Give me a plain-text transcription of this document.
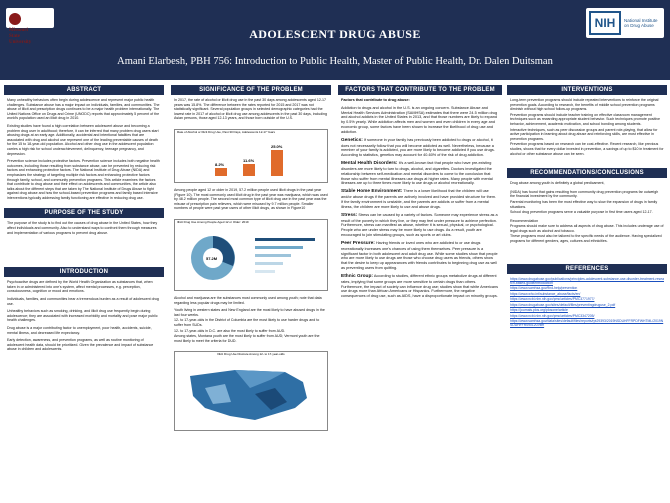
Missouri State University
ADOLESCENT DRUG ABUSE
Amani Elarbesh, PBH 756: Introduction to Public Health, Master of Public Health, Dr. Dalen Duitsman
NIH	National Institute on Drug Abuse
ABSTRACT

Many unhealthy behaviors often begin during adolescence and represent major public health challenges. Substance abuse has a major impact on individuals, families, and communities. The abuse of illicit and prescription drugs continues to be a major health problem internationally. The United Nations Office on Drugs and Crime (UNODC) reports that approximately 5 percent of the world's population used an illicit drug in 2010.

Existing studies have found a high correlation between adolescent abuse and becoming a problem drug user in adulthood; therefore, it can be inferred that many problem drug users start abusing drugs at an early age. Additionally, accidental and intentional fatalities that are associated with drug and alcohol use represent one of the leading preventable causes of death for the 15 to 18-year-old population. Alcohol and other drug use in the adolescent population carries a high risk for school underachievement, delinquency, teenage pregnancy, and depression.

Prevention science includes protective factors. Prevention science includes both negative health outcomes, including those resulting from substance abuse, can be prevented by reducing risk factors and enhancing protective factors. The National Institute of Drug Abuse (NIDA) and emphasizes the strategy of targeting multiple risk factors and enhancing protective factors through family, school, and community prevention programs. This article examines the factors that contribute to drug abuse and their effect on adolescents and communities, the article also talks about the different steps that are taken by The National Institute of Drugs Abuse to fight against drug abuse and how the school-based prevention programs and family based intensive interventions typically addressing family functioning are effective in reducing drug use.

PURPOSE OF THE STUDY

The purpose of the study is to find out the causes of drug abuse in the United States, how they affect individuals and community. Also to understand ways to confront them through measures and implementation of various programs to prevent drug abuse.

INTRODUCTION

Psychoactive drugs are defined by the World Health Organization as substances that, when taken in or administered into one's system, affect mental processes, e.g. perception, consciousness, cognition or mood and emotions.

Individuals, families, and communities bear a tremendous burden as a result of adolescent drug use.

Unhealthy behaviors such as smoking, drinking, and illicit drug use frequently begin during adolescence; they are associated with increased morbidity and mortality and pose major public health challenges.

Drug abuse is a major contributing factor to unemployment, poor health, accidents, suicide, mental illness, and decreased life expectancy.

Early detection, awareness, and prevention programs, as well as routine monitoring of adolescent health data, should be prioritized. Given the prevalence and impact of substance abuse in children and adolescents.

SIGNIFICANCE OF THE PROBLEM

In 2017, the rate of alcohol or illicit drug use in the past 30 days among adolescents aged 12-17 years was 15.8%. The difference between the rates reported for 2015 and 2017 was not statistically significant. Several population groups in selected demographic categories had the lowest rate in 2017 of alcohol or illicit drug use among adolescents in the past 30 days, including Asian persons, those aged 12-13 years, and those born outside of the U.S.

Rate of Alcohol or Illicit Drug Use, Past 30 Days, Adolescents 12-17 Years
8.2%
11.6%
25.0%

Among people aged 12 or older in 2019, 57.2 million people used illicit drugs in the past year (Figure 10). The most commonly used illicit drug in the past year was marijuana, which was used by 48.2 million people. The second most common type of illicit drug use in the past year was the misuse of prescription pain relievers, which were misused by 9.7 million people. Smaller numbers of people were past year users of other illicit drugs, as shown in Figure10

Illicit Drug Use Among People Aged 12 or Older: 2019
57.2M

Alcohol and marijuana are the substances most commonly used among youth; note that data regarding less popular drugs may be limited.

Youth living in western states and New England are the most likely to have abused drugs in the last four weeks.

12- to 17-year-olds in the District of Columbia are the most likely to use harder drugs and to suffer from SUDs.

12- to 17-year-olds in D.C. are also the most likely to suffer from AUD.

Among states, Montana youth are the most likely to suffer from AUD; Vermont youth are the most likely to meet the criteria for DUD.

Illicit Drug Use Discrete Among 12- to 17-year-olds
FACTORS THAT CONTRIBUTE TO THE PROBLEM

Factors that contribute to drug abuse:

Addiction to drugs and alcohol in the U.S. is an ongoing concern. Substance Abuse and Mental Health Services Administration (SAMHSA) estimates that there were 24.5 million drug and alcohol addicts in the United States in 2013, and that those numbers are likely to expand by 0.5% yearly. While addiction affects men and women and even children in every age and economic group, some factors have been shown to increase the likelihood of drug use and addiction.

Genetics: If someone in your family has previously been addicted to drugs or alcohol, it does not necessarily follow that you will become addicted as well. Nevertheless, because a member of your family is addicted, you are more likely to become addicted if you use drugs. According to statistics, genetics may account for 40-60% of the risk of drug addiction.

Mental Health Disorders: It's a well-known fact that people who have pre-existing disorders are more likely to turn to drugs, alcohol, and cigarettes. Doctors investigated the relationship between self-medication and mental disorders to come to the conclusion that those who suffer from mental illnesses use drugs at higher rates. Many people with mental illnesses are up to three times more likely to use drugs or alcohol recreationally.

Stable Home Environment: There is a lower likelihood that the children will use and/or abuse drugs if the parents are actively involved and have provided structure for them. If the family environment is unstable, and the parents are addicts or suffer from a mental illness, the children are more likely to use and abuse drugs.

Stress: Stress can be caused by a variety of factors. Someone may experience stress as a result of the poverty in which they live, or they may feel under pressure to achieve perfection. Furthermore, stress can manifest as abuse, whether it is sexual, physical, or psychological. People who are under stress may be more likely to use drugs. As a result, youth are encouraged to join stimulating groups, such as sports or art clubs.

Peer Pressure: Having friends or loved ones who are addicted to or use drugs recreationally increases one's chances of using them themselves. Peer pressure is a significant factor in both adolescent and adult drug use. While some studies show that people who are more likely to use drugs are those who choose drug users as friends, others show that the desire to keep up appearances with friends contributes to beginning drug use as well as preventing users from quitting.

Ethnic Group: According to studies, different ethnic groups metabolize drugs at different rates, implying that some groups are more sensitive to certain drugs than others. Furthermore, the impact of society can influence drug use; studies show that white Americans use drugs more than African Americans or Hispanics. Furthermore, the negative consequences of drug use, such as AIDS, have a disproportionate impact on minority groups.

INTERVENTIONS

Long-term prevention programs should include repeated interventions to reinforce the original prevention goals. According to research, the benefits of middle school prevention programs diminish without high school follow-up programs.

Prevention programs should include teacher training on effective classroom management techniques such as rewarding appropriate student behavior. Such techniques promote positive behavior, achievement, academic motivation, and school bonding among students.

Interactive techniques, such as peer discussion groups and parent role-playing, that allow for active participation in learning about drug abuse and reinforcing skills, are most effective in prevention programs.

Prevention programs based on research can be cost-effective. Recent research, like previous studies, shows that for every dollar invested in prevention, a savings of up to $10 in treatment for alcohol or other substance abuse can be seen.

RECOMMENDATIONS/CONCLUSIONS

Drug abuse among youth is definitely a global predicament,

(NIDA) has found that gains resulting from community drug prevention programs far outweigh the financial investment by the community.

Parental monitoring has been the most effective way to slow the expansion of drugs in family situations.

School drug prevention programs serve a valuable purpose in first time users aged 12-17.

Recommendation

Programs should make sure to address all aspects of drug abuse. This includes underage use of legal drugs such as alcohol and tobacco.

These programs must also be tailored to the specific needs of the audience. Having specialized programs for different genders, ages, cultures and ethnicities.

REFERENCES

https://www.drugabuse.gov/publications/principles-adolescent-substance-use-disorder-treatment-research-based-guide/introduction

https://www.samhsa.gov/find-help/prevention

https://www.who.int/substance_abuse/facts/en/

https://www.ncbi.nlm.nih.gov/pmc/articles/PMC3771977/

https://www.drugabuse.gov/sites/default/files/preventingdruguse_2.pdf

https://journals.plos.org/plosone/article

https://www.ncbi.nlm.nih.gov/pmc/articles/PMC3347205/

https://www.samhsa.gov/data/sites/default/files/reports/rpt29393/2019NSDUHFFRPDFWHTML/2019NSDUHFFR090120.htm
